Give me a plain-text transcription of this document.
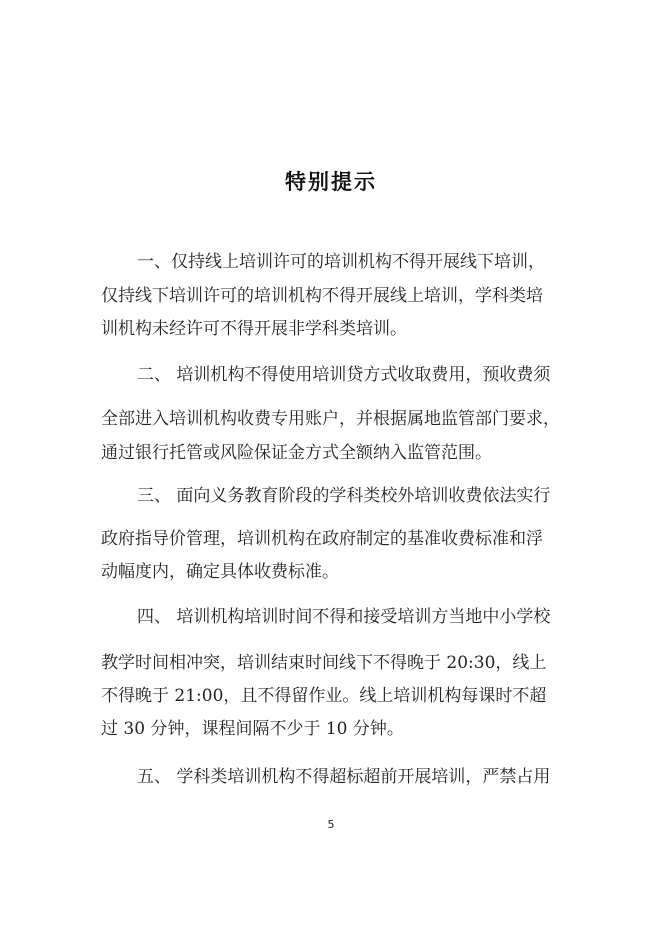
特别提示
一、仅持线上培训许可的培训机构不得开展线下培训，
仅持线下培训许可的培训机构不得开展线上培训，学科类培
训机构未经许可不得开展非学科类培训。
二、 培训机构不得使用培训贷方式收取费用，预收费须
全部进入培训机构收费专用账户，并根据属地监管部门要求，
通过银行托管或风险保证金方式全额纳入监管范围。
三、 面向义务教育阶段的学科类校外培训收费依法实行
政府指导价管理，培训机构在政府制定的基准收费标准和浮
动幅度内，确定具体收费标准。
四、 培训机构培训时间不得和接受培训方当地中小学校
教学时间相冲突，培训结束时间线下不得晚于 20:30，线上
不得晚于 21:00，且不得留作业。线上培训机构每课时不超
过 30 分钟，课程间隔不少于 10 分钟。
五、 学科类培训机构不得超标超前开展培训，严禁占用
5
